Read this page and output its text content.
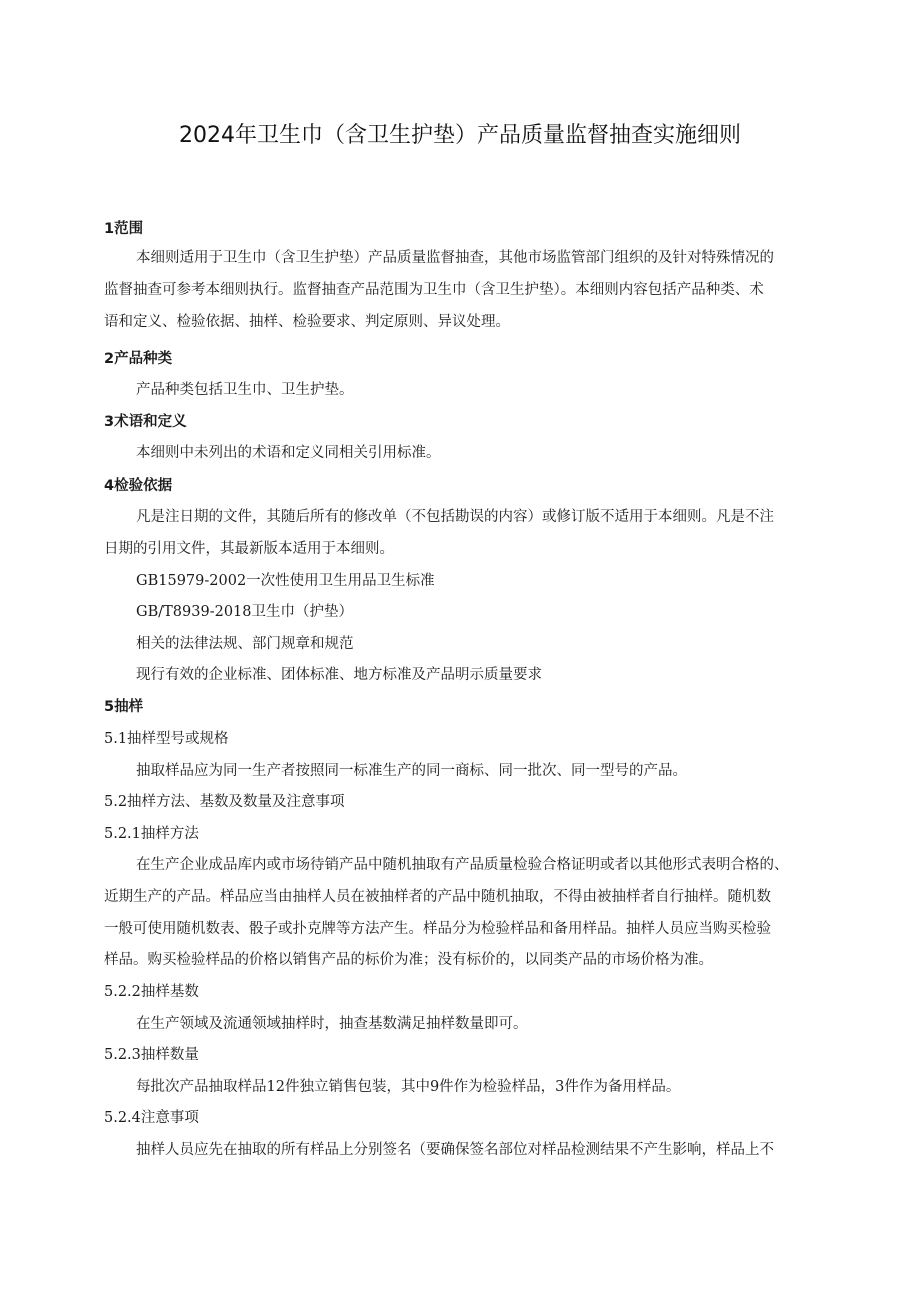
2024年卫生巾（含卫生护垫）产品质量监督抽查实施细则
1范围
本细则适用于卫生巾（含卫生护垫）产品质量监督抽查，其他市场监管部门组织的及针对特殊情况的
监督抽查可参考本细则执行。监督抽查产品范围为卫生巾（含卫生护垫）。本细则内容包括产品种类、术
语和定义、检验依据、抽样、检验要求、判定原则、异议处理。
2产品种类
产品种类包括卫生巾、卫生护垫。
3术语和定义
本细则中未列出的术语和定义同相关引用标准。
4检验依据
凡是注日期的文件，其随后所有的修改单（不包括勘误的内容）或修订版不适用于本细则。凡是不注
日期的引用文件，其最新版本适用于本细则。
GB15979-2002一次性使用卫生用品卫生标准
GB/T8939-2018卫生巾（护垫）
相关的法律法规、部门规章和规范
现行有效的企业标准、团体标准、地方标准及产品明示质量要求
5抽样
5.1抽样型号或规格
抽取样品应为同一生产者按照同一标准生产的同一商标、同一批次、同一型号的产品。
5.2抽样方法、基数及数量及注意事项
5.2.1抽样方法
在生产企业成品库内或市场待销产品中随机抽取有产品质量检验合格证明或者以其他形式表明合格的、
近期生产的产品。样品应当由抽样人员在被抽样者的产品中随机抽取，不得由被抽样者自行抽样。随机数
一般可使用随机数表、骰子或扑克牌等方法产生。样品分为检验样品和备用样品。抽样人员应当购买检验
样品。购买检验样品的价格以销售产品的标价为准；没有标价的，以同类产品的市场价格为准。
5.2.2抽样基数
在生产领域及流通领域抽样时，抽查基数满足抽样数量即可。
5.2.3抽样数量
每批次产品抽取样品12件独立销售包装，其中9件作为检验样品，3件作为备用样品。
5.2.4注意事项
抽样人员应先在抽取的所有样品上分别签名（要确保签名部位对样品检测结果不产生影响，样品上不
